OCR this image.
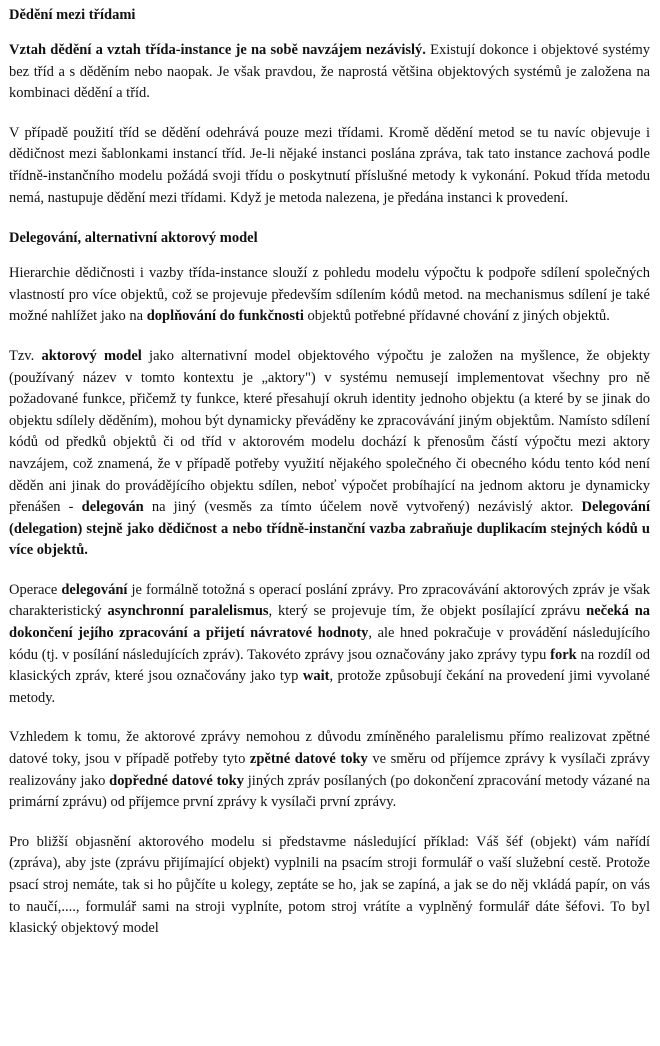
Dědění mezi třídami

Vztah dědění a vztah třída-instance je na sobě navzájem nezávislý. Existují dokonce i objektové systémy bez tříd a s děděním nebo naopak. Je však pravdou, že naprostá většina objektových systémů je založena na kombinaci dědění a tříd.

V případě použití tříd se dědění odehrává pouze mezi třídami. Kromě dědění metod se tu navíc objevuje i dědičnost mezi šablonkami instancí tříd. Je-li nějaké instanci poslána zpráva, tak tato instance zachová podle třídně-instančního modelu požádá svoji třídu o poskytnutí příslušné metody k vykonání. Pokud třída metodu nemá, nastupuje dědění mezi třídami. Když je metoda nalezena, je předána instanci k provedení.

Delegování, alternativní aktorový model

Hierarchie dědičnosti i vazby třída-instance slouží z pohledu modelu výpočtu k podpoře sdílení společných vlastností pro více objektů, což se projevuje především sdílením kódů metod. na mechanismus sdílení je také možné nahlížet jako na doplňování do funkčnosti objektů potřebné přídavné chování z jiných objektů.

Tzv. aktorový model jako alternativní model objektového výpočtu je založen na myšlence, že objekty (používaný název v tomto kontextu je „aktory") v systému nemusejí implementovat všechny pro ně požadované funkce, přičemž ty funkce, které přesahují okruh identity jednoho objektu (a které by se jinak do objektu sdílely děděním), mohou být dynamicky převáděny ke zpracovávání jiným objektům. Namísto sdílení kódů od předků objektů či od tříd v aktorovém modelu dochází k přenosům částí výpočtu mezi aktory navzájem, což znamená, že v případě potřeby využití nějakého společného či obecného kódu tento kód není děděn ani jinak do provádějícího objektu sdílen, neboť výpočet probíhající na jednom aktoru je dynamicky přenášen - delegován na jiný (vesměs za tímto účelem nově vytvořený) nezávislý aktor. Delegování (delegation) stejně jako dědičnost a nebo třídně-instanční vazba zabraňuje duplikacím stejných kódů u více objektů.

Operace delegování je formálně totožná s operací poslání zprávy. Pro zpracovávání aktorových zpráv je však charakteristický asynchronní paralelismus, který se projevuje tím, že objekt posílající zprávu nečeká na dokončení jejího zpracování a přijetí návratové hodnoty, ale hned pokračuje v provádění následujícího kódu (tj. v posílání následujících zpráv). Takovéto zprávy jsou označovány jako zprávy typu fork na rozdíl od klasických zpráv, které jsou označovány jako typ wait, protože způsobují čekání na provedení jimi vyvolané metody.

Vzhledem k tomu, že aktorové zprávy nemohou z důvodu zmíněného paralelismu přímo realizovat zpětné datové toky, jsou v případě potřeby tyto zpětné datové toky ve směru od příjemce zprávy k vysílači zprávy realizovány jako dopředné datové toky jiných zpráv posílaných (po dokončení zpracování metody vázané na primární zprávu) od příjemce první zprávy k vysílači první zprávy.

Pro bližší objasnění aktorového modelu si představme následující příklad: Váš šéf (objekt) vám nařídí (zpráva), aby jste (zprávu přijímající objekt) vyplnili na psacím stroji formulář o vaší služební cestě. Protože psací stroj nemáte, tak si ho půjčíte u kolegy, zeptáte se ho, jak se zapíná, a jak se do něj vkládá papír, on vás to naučí,...., formulář sami na stroji vyplníte, potom stroj vrátíte a vyplněný formulář dáte šéfovi. To byl klasický objektový model
